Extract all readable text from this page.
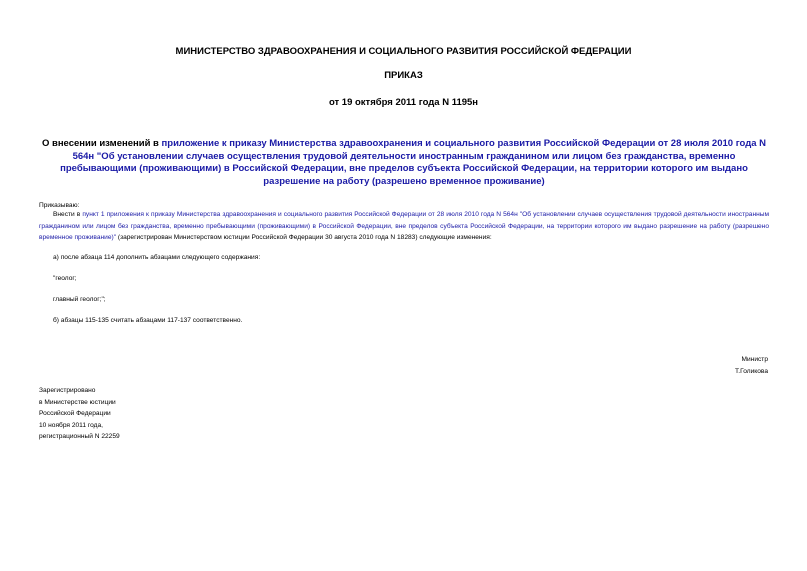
МИНИСТЕРСТВО ЗДРАВООХРАНЕНИЯ И СОЦИАЛЬНОГО РАЗВИТИЯ РОССИЙСКОЙ ФЕДЕРАЦИИ
ПРИКАЗ
от 19 октября 2011 года N 1195н
О внесении изменений в приложение к приказу Министерства здравоохранения и социального развития Российской Федерации от 28 июля 2010 года N 564н "Об установлении случаев осуществления трудовой деятельности иностранным гражданином или лицом без гражданства, временно пребывающими (проживающими) в Российской Федерации, вне пределов субъекта Российской Федерации, на территории которого им выдано разрешение на работу (разрешено временное проживание)
Приказываю:
Внести в пункт 1 приложения к приказу Министерства здравоохранения и социального развития Российской Федерации от 28 июля 2010 года N 564н "Об установлении случаев осуществления трудовой деятельности иностранным гражданином или лицом без гражданства, временно пребывающими (проживающими) в Российской Федерации, вне пределов субъекта Российской Федерации, на территории которого им выдано разрешение на работу (разрешено временное проживание)" (зарегистрирован Министерством юстиции Российской Федерации 30 августа 2010 года N 18283) следующие изменения:
а) после абзаца 114 дополнить абзацами следующего содержания:
"геолог;
главный геолог;";
б) абзацы 115-135 считать абзацами 117-137 соответственно.
Министр
Т.Голикова
Зарегистрировано
в Министерстве юстиции
Российской Федерации
10 ноября 2011 года,
регистрационный N 22259
